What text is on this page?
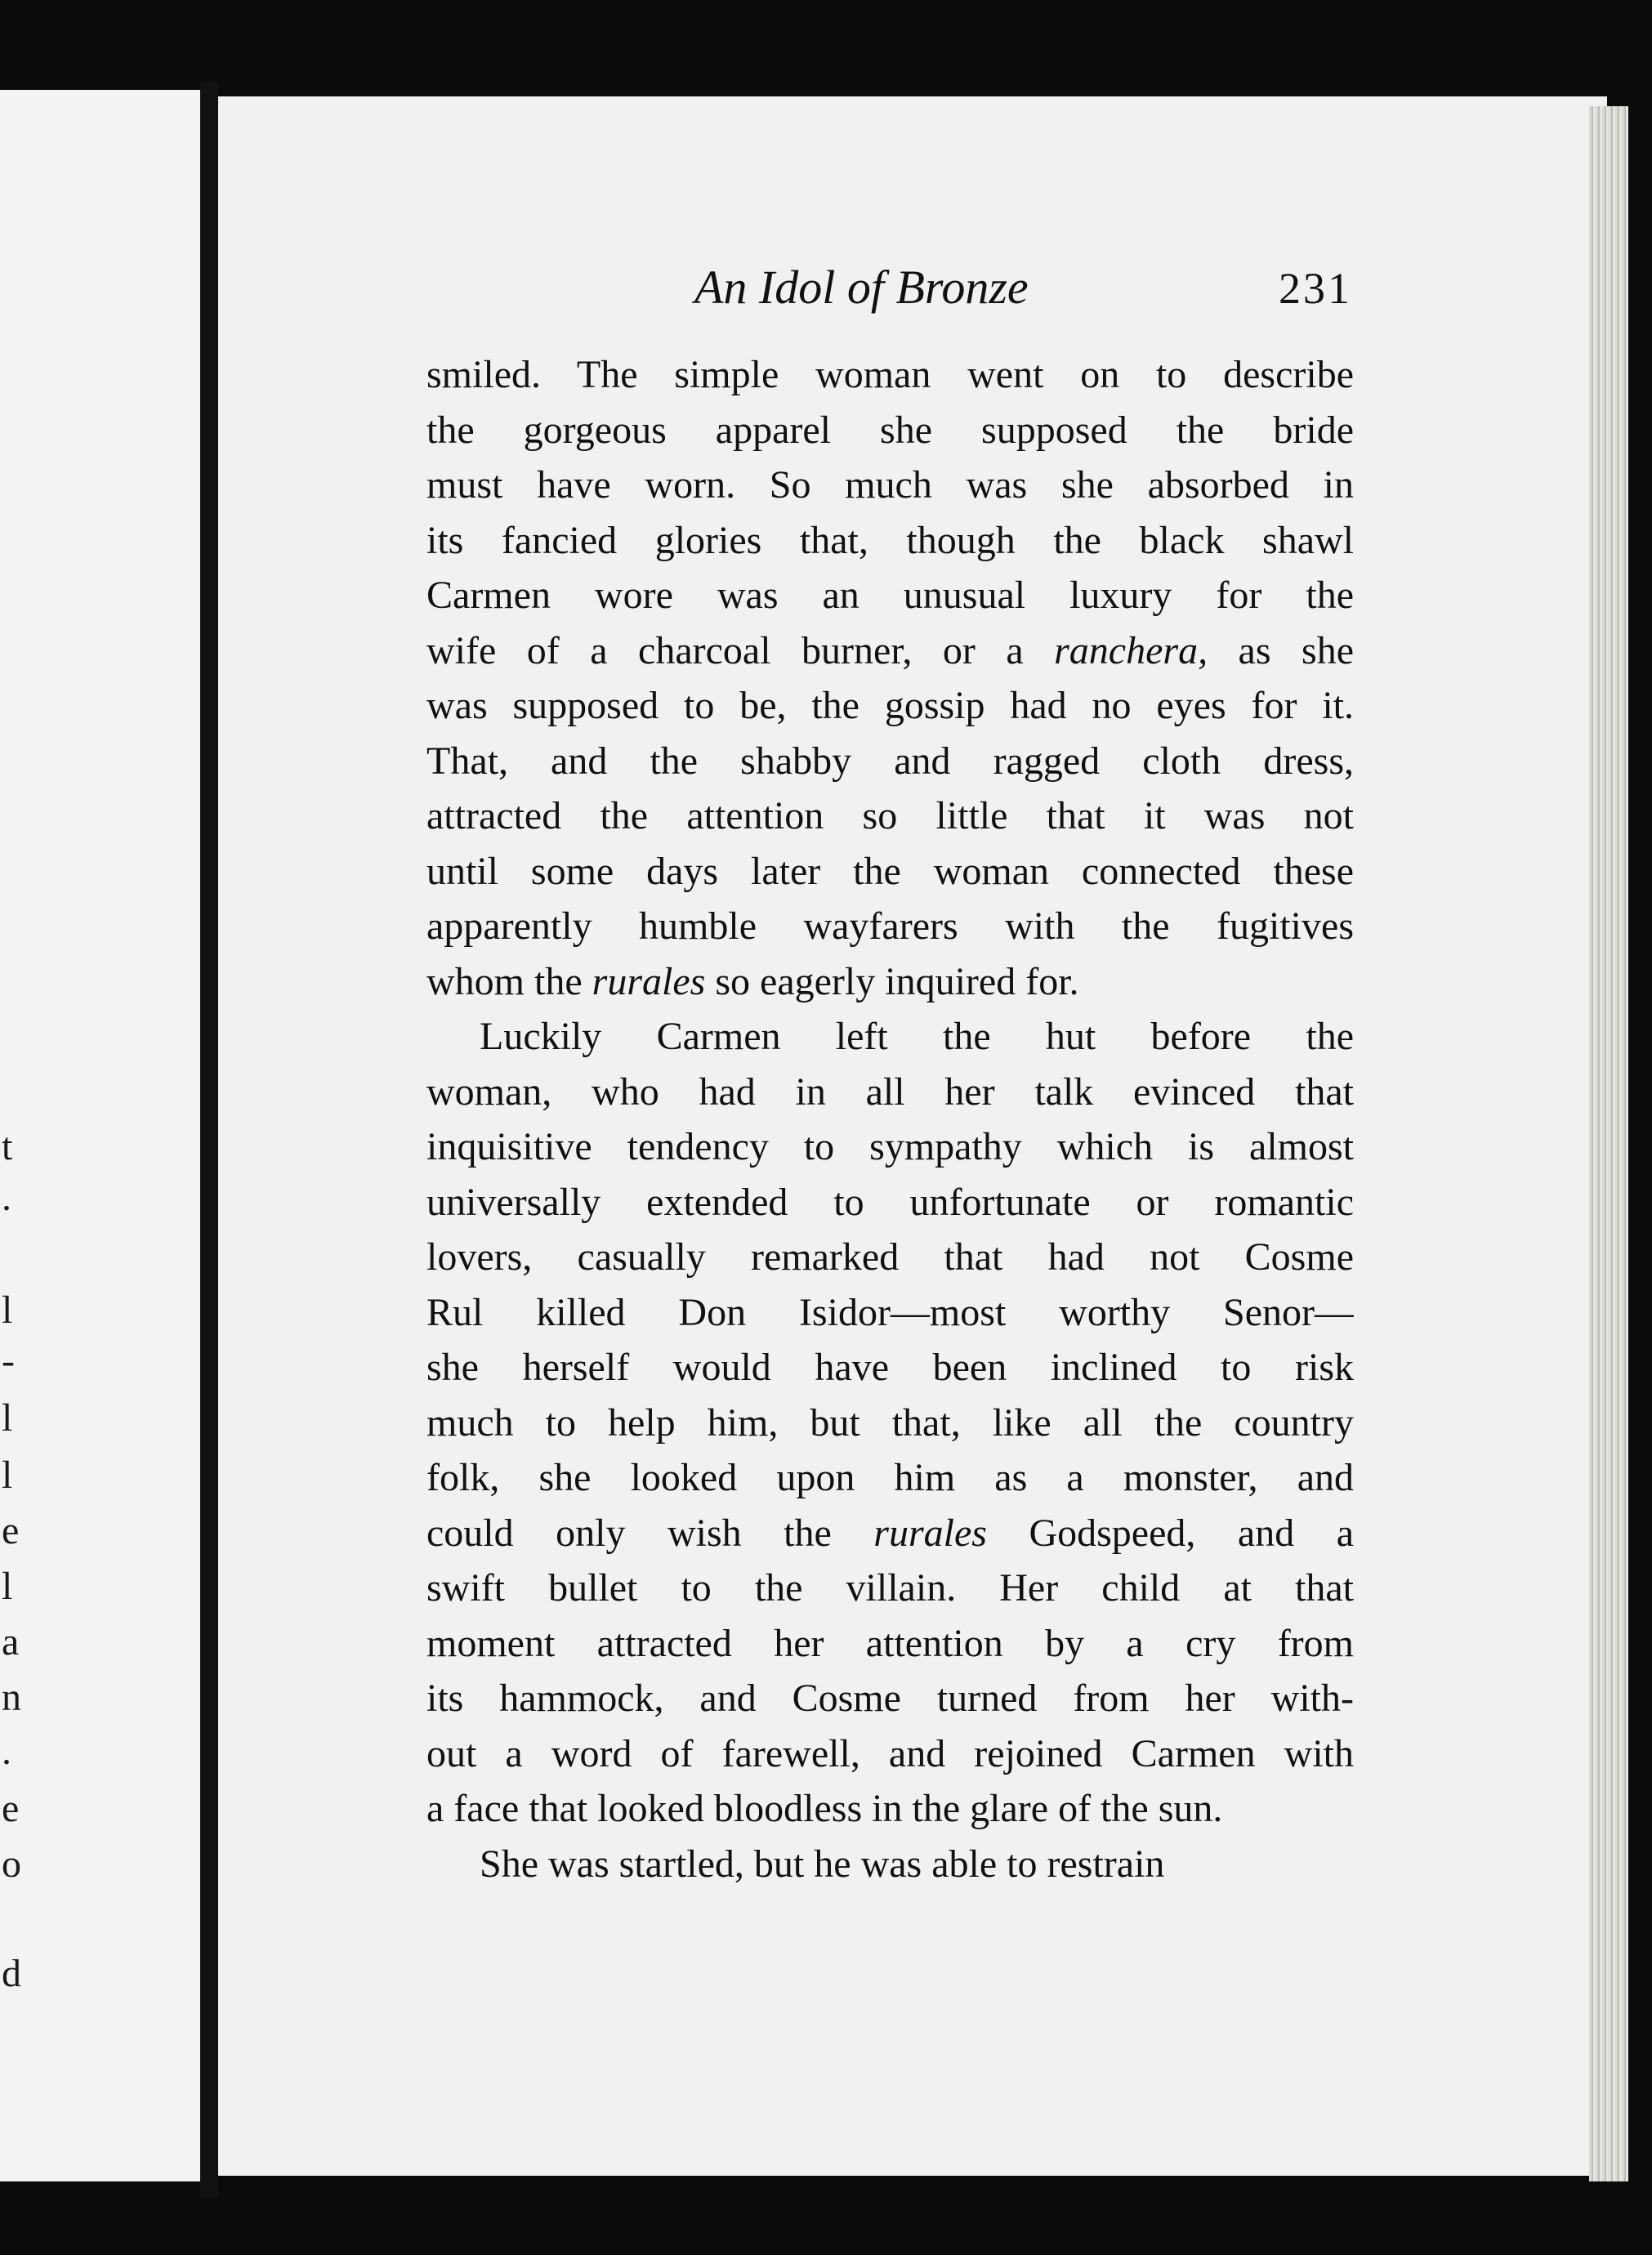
t
.
l
-
l
l
e
l
a
n
.
e
o
d
An Idol of Bronze	231
smiled. The simple woman went on to describe
the gorgeous apparel she supposed the bride
must have worn. So much was she absorbed in
its fancied glories that, though the black shawl
Carmen wore was an unusual luxury for the
wife of a charcoal burner, or a ranchera, as she
was supposed to be, the gossip had no eyes for it.
That, and the shabby and ragged cloth dress,
attracted the attention so little that it was not
until some days later the woman connected these
apparently humble wayfarers with the fugitives
whom the rurales so eagerly inquired for.
Luckily Carmen left the hut before the
woman, who had in all her talk evinced that
inquisitive tendency to sympathy which is almost
universally extended to unfortunate or romantic
lovers, casually remarked that had not Cosme
Rul killed Don Isidor—most worthy Senor—
she herself would have been inclined to risk
much to help him, but that, like all the country
folk, she looked upon him as a monster, and
could only wish the rurales Godspeed, and a
swift bullet to the villain. Her child at that
moment attracted her attention by a cry from
its hammock, and Cosme turned from her with-
out a word of farewell, and rejoined Carmen with
a face that looked bloodless in the glare of the sun.
She was startled, but he was able to restrain
